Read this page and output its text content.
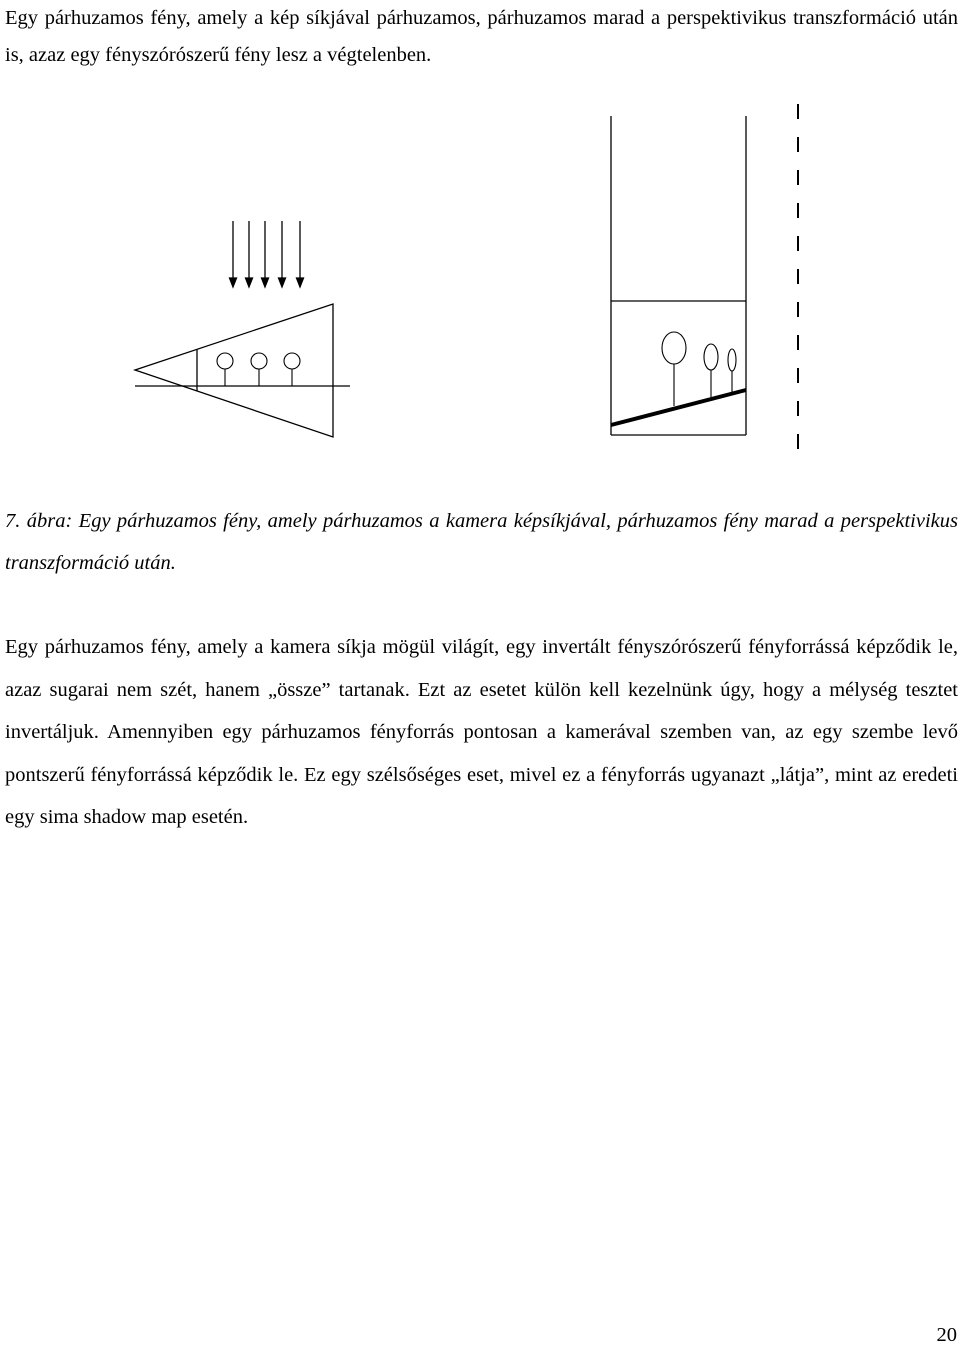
Egy párhuzamos fény, amely a kép síkjával párhuzamos, párhuzamos marad a perspektivikus transzformáció után is, azaz egy fényszórószerű fény lesz a végtelenben.

7. ábra: Egy párhuzamos fény, amely párhuzamos a kamera képsíkjával, párhuzamos fény marad a perspektivikus transzformáció után.

Egy párhuzamos fény, amely a kamera síkja mögül világít, egy invertált fényszórószerű fényforrássá képződik le, azaz sugarai nem szét, hanem „össze” tartanak. Ezt az esetet külön kell kezelnünk úgy, hogy a mélység tesztet invertáljuk. Amennyiben egy párhuzamos fényforrás pontosan a kamerával szemben van, az egy szembe levő pontszerű fényforrássá képződik le. Ez egy szélsőséges eset, mivel ez a fényforrás ugyanazt „látja”, mint az eredeti egy sima shadow map esetén.

20
